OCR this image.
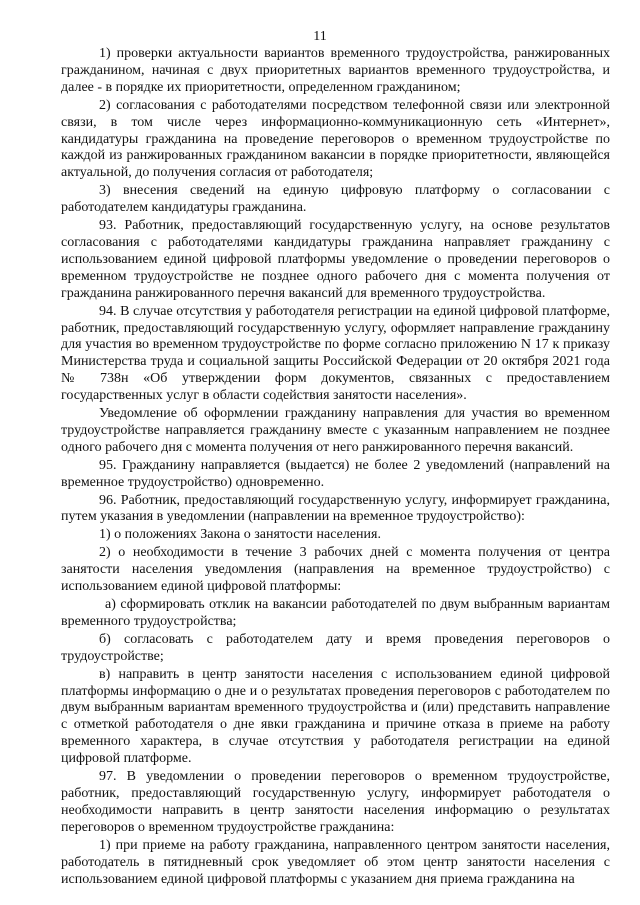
11

1) проверки актуальности вариантов временного трудоустройства, ранжированных гражданином, начиная с двух приоритетных вариантов временного трудоустройства, и далее - в порядке их приоритетности, определенном гражданином;

2) согласования с работодателями посредством телефонной связи или электронной связи, в том числе через информационно-коммуникационную сеть «Интернет», кандидатуры гражданина на проведение переговоров о временном трудоустройстве по каждой из ранжированных гражданином вакансии в порядке приоритетности, являющейся актуальной, до получения согласия от работодателя;

3) внесения сведений на единую цифровую платформу о согласовании с работодателем кандидатуры гражданина.

93. Работник, предоставляющий государственную услугу, на основе результатов согласования с работодателями кандидатуры гражданина направляет гражданину с использованием единой цифровой платформы уведомление о проведении переговоров о временном трудоустройстве не позднее одного рабочего дня с момента получения от гражданина ранжированного перечня вакансий для временного трудоустройства.

94. В случае отсутствия у работодателя регистрации на единой цифровой платформе, работник, предоставляющий государственную услугу, оформляет направление гражданину для участия во временном трудоустройстве по форме согласно приложению N 17 к приказу Министерства труда и социальной защиты Российской Федерации от 20 октября 2021 года № 738н «Об утверждении форм документов, связанных с предоставлением государственных услуг в области содействия занятости населения».

Уведомление об оформлении гражданину направления для участия во временном трудоустройстве направляется гражданину вместе с указанным направлением не позднее одного рабочего дня с момента получения от него ранжированного перечня вакансий.

95. Гражданину направляется (выдается) не более 2 уведомлений (направлений на временное трудоустройство) одновременно.

96. Работник, предоставляющий государственную услугу, информирует гражданина, путем указания в уведомлении (направлении на временное трудоустройство):

1) о положениях Закона о занятости населения.

2) о необходимости в течение 3 рабочих дней с момента получения от центра занятости населения уведомления (направления на временное трудоустройство) с использованием единой цифровой платформы:

а) сформировать отклик на вакансии работодателей по двум выбранным вариантам временного трудоустройства;

б) согласовать с работодателем дату и время проведения переговоров о трудоустройстве;

в) направить в центр занятости населения с использованием единой цифровой платформы информацию о дне и о результатах проведения переговоров с работодателем по двум выбранным вариантам временного трудоустройства и (или) представить направление с отметкой работодателя о дне явки гражданина и причине отказа в приеме на работу временного характера, в случае отсутствия у работодателя регистрации на единой цифровой платформе.

97. В уведомлении о проведении переговоров о временном трудоустройстве, работник, предоставляющий государственную услугу, информирует работодателя о необходимости направить в центр занятости населения информацию о результатах переговоров о временном трудоустройстве гражданина:

1) при приеме на работу гражданина, направленного центром занятости населения, работодатель в пятидневный срок уведомляет об этом центр занятости населения с использованием единой цифровой платформы с указанием дня приема гражданина на
